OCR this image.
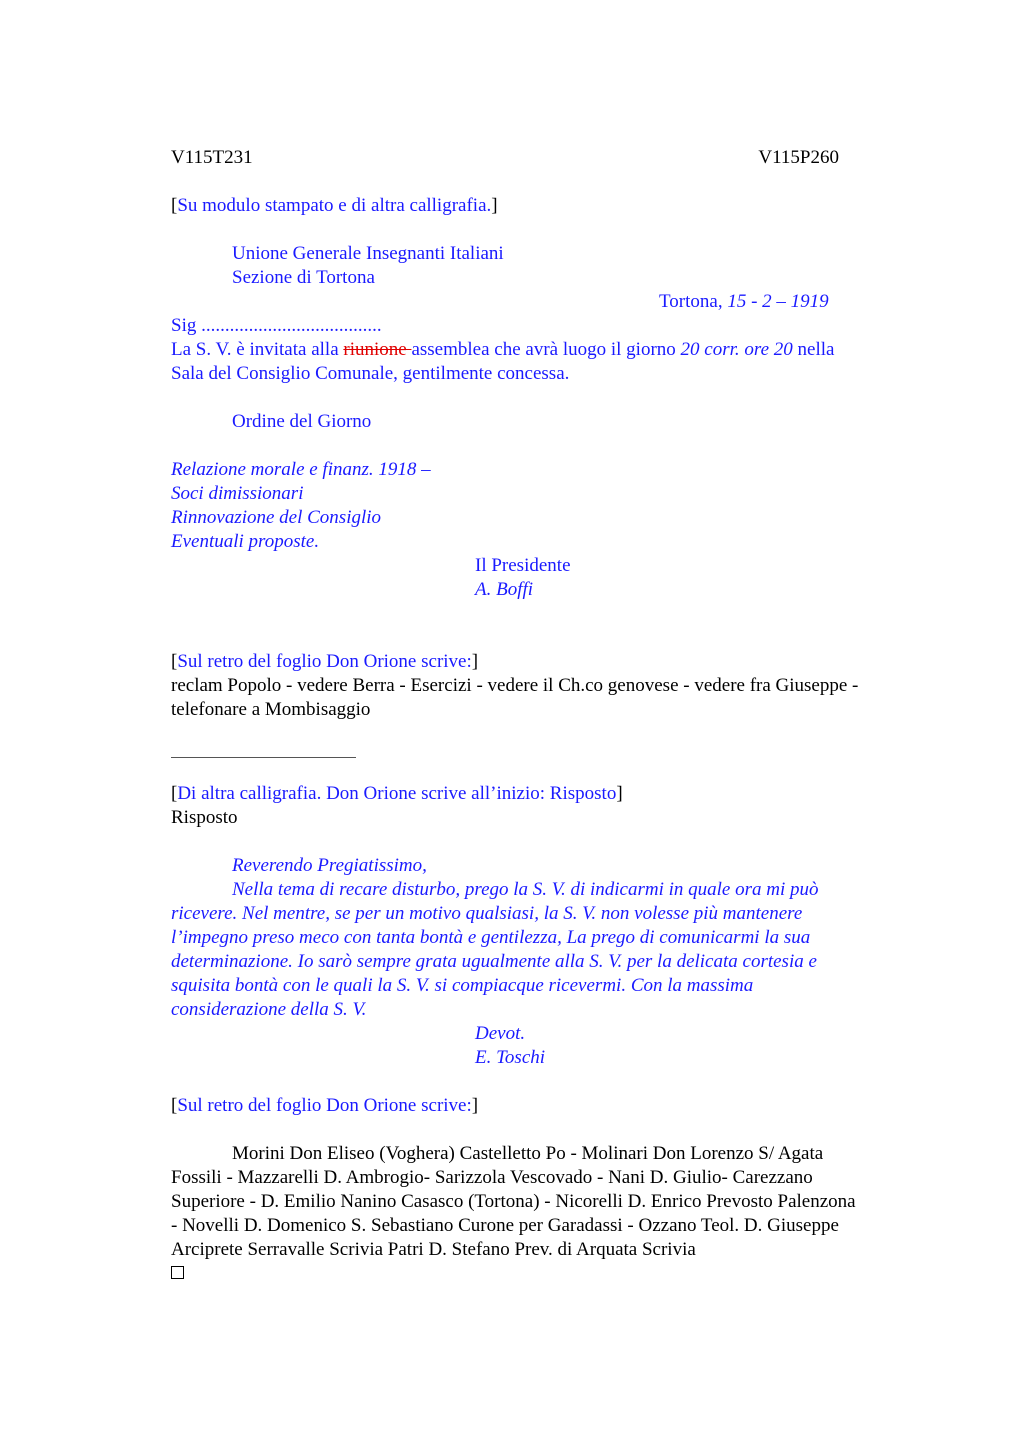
V115T231	V115P260
[Su modulo stampato e di altra calligrafia.]
Unione Generale Insegnanti Italiani
Sezione di Tortona
Tortona, 15 - 2 – 1919
Sig ......................................
La S. V. è invitata alla riunione assemblea che avrà luogo il giorno 20 corr. ore 20 nella
Sala del Consiglio Comunale, gentilmente concessa.
Ordine del Giorno
Relazione morale e finanz. 1918 –
Soci dimissionari
Rinnovazione del Consiglio
Eventuali proposte.
Il Presidente
A. Boffi
[Sul retro del foglio Don Orione scrive:]
reclam Popolo - vedere Berra - Esercizi - vedere il Ch.co genovese - vedere fra Giuseppe -
telefonare a Mombisaggio
[Di altra calligrafia. Don Orione scrive all’inizio: Risposto]
Risposto
Reverendo Pregiatissimo,
Nella tema di recare disturbo, prego la S. V. di indicarmi in quale ora mi può
ricevere. Nel mentre, se per un motivo qualsiasi, la S. V. non volesse più mantenere
l’impegno preso meco con tanta bontà e gentilezza, La prego di comunicarmi la sua
determinazione. Io sarò sempre grata ugualmente alla S. V. per la delicata cortesia e
squisita bontà con le quali la S. V. si compiacque ricevermi. Con la massima
considerazione della S. V.
Devot.
E. Toschi
[Sul retro del foglio Don Orione scrive:]
Morini Don Eliseo (Voghera) Castelletto Po - Molinari Don Lorenzo S/ Agata
Fossili - Mazzarelli D. Ambrogio- Sarizzola Vescovado - Nani D. Giulio- Carezzano
Superiore - D. Emilio Nanino Casasco (Tortona) - Nicorelli D. Enrico Prevosto Palenzona
- Novelli D. Domenico S. Sebastiano Curone per Garadassi - Ozzano Teol. D. Giuseppe
Arciprete Serravalle Scrivia Patri D. Stefano Prev. di Arquata Scrivia
